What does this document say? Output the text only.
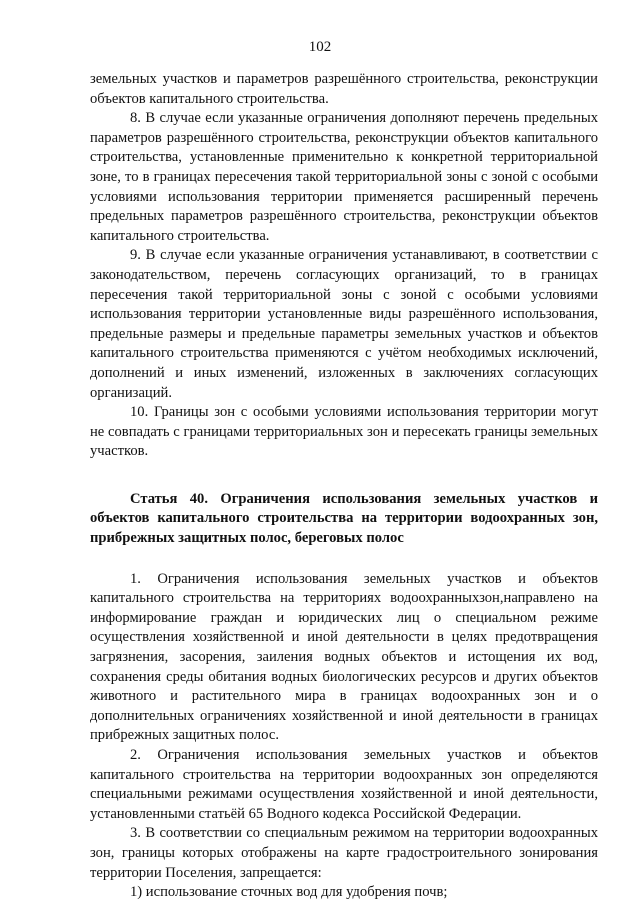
102

земельных участков и параметров разрешённого строительства, реконструкции объектов капитального строительства.

8. В случае если указанные ограничения дополняют перечень предельных параметров разрешённого строительства, реконструкции объектов капитального строительства, установленные применительно к конкретной территориальной зоне, то в границах пересечения такой территориальной зоны с зоной с особыми условиями использования территории применяется расширенный перечень предельных параметров разрешённого строительства, реконструкции объектов капитального строительства.

9. В случае если указанные ограничения устанавливают, в соответствии с законодательством, перечень согласующих организаций, то в границах пересечения такой территориальной зоны с зоной с особыми условиями использования территории установленные виды разрешённого использования, предельные размеры и предельные параметры земельных участков и объектов капитального строительства применяются с учётом необходимых исключений, дополнений и иных изменений, изложенных в заключениях согласующих организаций.

10. Границы зон с особыми условиями использования территории могут не совпадать с границами территориальных зон и пересекать границы земельных участков.

Статья 40. Ограничения использования земельных участков и объектов капитального строительства на территории водоохранных зон, прибрежных защитных полос, береговых полос

1. Ограничения использования земельных участков и объектов капитального строительства на территориях водоохранныхзон,направлено на информирование граждан и юридических лиц о специальном режиме осуществления хозяйственной и иной деятельности в целях предотвращения загрязнения, засорения, заиления водных объектов и истощения их вод, сохранения среды обитания водных биологических ресурсов и других объектов животного и растительного мира в границах водоохранных зон и о дополнительных ограничениях хозяйственной и иной деятельности в границах прибрежных защитных полос.

2. Ограничения использования земельных участков и объектов капитального строительства на территории водоохранных зон определяются специальными режимами осуществления хозяйственной и иной деятельности, установленными статьёй 65 Водного кодекса Российской Федерации.

3. В соответствии со специальным режимом на территории водоохранных зон, границы которых отображены на карте градостроительного зонирования территории Поселения, запрещается:

1) использование сточных вод для удобрения почв;
